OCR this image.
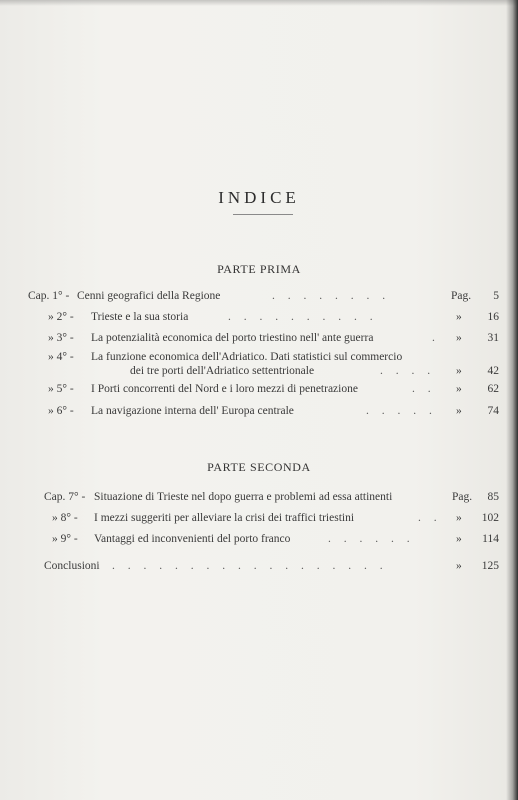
INDICE
PARTE PRIMA
Cap. 1° - Cenni geografici della Regione	. . . . . . . .	Pag. 5
» 2° - Trieste e la sua storia	. . . . . . . . . .	» 16
» 3° - La potenzialità economica del porto triestino nell' ante guerra	. » 31
» 4° - La funzione economica dell'Adriatico. Dati statistici sul commercio
dei tre porti dell'Adriatico settentrionale	. . . . » 42
» 5° - I Porti concorrenti del Nord e i loro mezzi di penetrazione	. . » 62
» 6° - La navigazione interna dell' Europa centrale	. . . . . » 74
PARTE SECONDA
Cap. 7° - Situazione di Trieste nel dopo guerra e problemi ad essa attinenti	Pag. 85
» 8° - I mezzi suggeriti per alleviare la crisi dei traffici triestini	. . » 102
» 9° - Vantaggi ed inconvenienti del porto franco	. . . . . .	» 114
Conclusioni . . . . . . . . . . . . . . . . . .	» 125
